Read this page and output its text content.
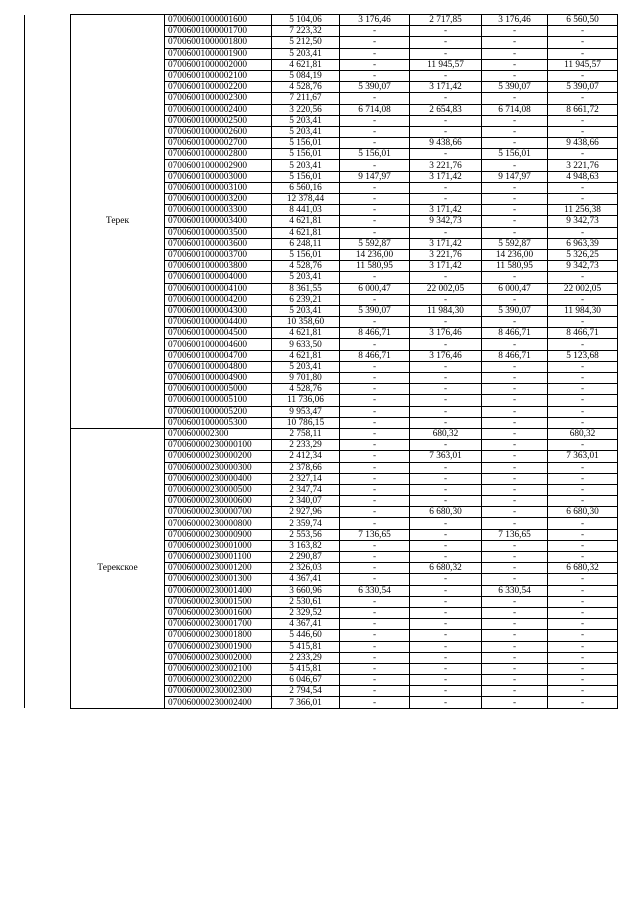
	Терек	07006001000001600	5 104,06	3 176,46	2 717,85	3 176,46	6 560,50
		07006001000001700	7 223,32	-	-	-	-
		07006001000001800	5 212,50	-	-	-	-
		07006001000001900	5 203,41	-	-	-	-
		07006001000002000	4 621,81	-	11 945,57	-	11 945,57
		07006001000002100	5 084,19	-	-	-	-
		07006001000002200	4 528,76	5 390,07	3 171,42	5 390,07	5 390,07
		07006001000002300	7 211,67	-	-	-	-
		07006001000002400	3 220,56	6 714,08	2 654,83	6 714,08	8 661,72
		07006001000002500	5 203,41	-	-	-	-
		07006001000002600	5 203,41	-	-	-	-
		07006001000002700	5 156,01	-	9 438,66	-	9 438,66
		07006001000002800	5 156,01	5 156,01	-	5 156,01	-
		07006001000002900	5 203,41	-	3 221,76	-	3 221,76
		07006001000003000	5 156,01	9 147,97	3 171,42	9 147,97	4 948,63
		07006001000003100	6 560,16	-	-	-	-
		07006001000003200	12 378,44	-	-	-	-
		07006001000003300	8 441,03	-	3 171,42	-	11 256,38
		07006001000003400	4 621,81	-	9 342,73	-	9 342,73
		07006001000003500	4 621,81	-	-	-	-
		07006001000003600	6 248,11	5 592,87	3 171,42	5 592,87	6 963,39
		07006001000003700	5 156,01	14 236,00	3 221,76	14 236,00	5 326,25
		07006001000003800	4 528,76	11 580,95	3 171,42	11 580,95	9 342,73
		07006001000004000	5 203,41	-	-	-	-
		07006001000004100	8 361,55	6 000,47	22 002,05	6 000,47	22 002,05
		07006001000004200	6 239,21	-	-	-	-
		07006001000004300	5 203,41	5 390,07	11 984,30	5 390,07	11 984,30
		07006001000004400	10 358,60	-	-	-	-
		07006001000004500	4 621,81	8 466,71	3 176,46	8 466,71	8 466,71
		07006001000004600	9 633,50	-	-	-	-
		07006001000004700	4 621,81	8 466,71	3 176,46	8 466,71	5 123,68
		07006001000004800	5 203,41	-	-	-	-
		07006001000004900	9 701,80	-	-	-	-
		07006001000005000	4 528,76	-	-	-	-
		07006001000005100	11 736,06	-	-	-	-
		07006001000005200	9 953,47	-	-	-	-
		07006001000005300	10 786,15	-	-	-	-
	Терекское	0700600002300	2 758,11	-	680,32	-	680,32
		070060000230000100	2 233,29	-	-	-	-
		070060000230000200	2 412,34	-	7 363,01	-	7 363,01
		070060000230000300	2 378,66	-	-	-	-
		070060000230000400	2 327,14	-	-	-	-
		070060000230000500	2 347,74	-	-	-	-
		070060000230000600	2 340,07	-	-	-	-
		070060000230000700	2 927,96	-	6 680,30	-	6 680,30
		070060000230000800	2 359,74	-	-	-	-
		070060000230000900	2 553,56	7 136,65	-	7 136,65	-
		070060000230001000	3 163,82	-	-	-	-
		070060000230001100	2 290,87	-	-	-	-
		070060000230001200	2 326,03	-	6 680,32	-	6 680,32
		070060000230001300	4 367,41	-	-	-	-
		070060000230001400	3 660,96	6 330,54	-	6 330,54	-
		070060000230001500	2 530,61	-	-	-	-
		070060000230001600	2 329,52	-	-	-	-
		070060000230001700	4 367,41	-	-	-	-
		070060000230001800	5 446,60	-	-	-	-
		070060000230001900	5 415,81	-	-	-	-
		070060000230002000	2 233,29	-	-	-	-
		070060000230002100	5 415,81	-	-	-	-
		070060000230002200	6 046,67	-	-	-	-
		070060000230002300	2 794,54	-	-	-	-
		070060000230002400	7 366,01	-	-	-	-
